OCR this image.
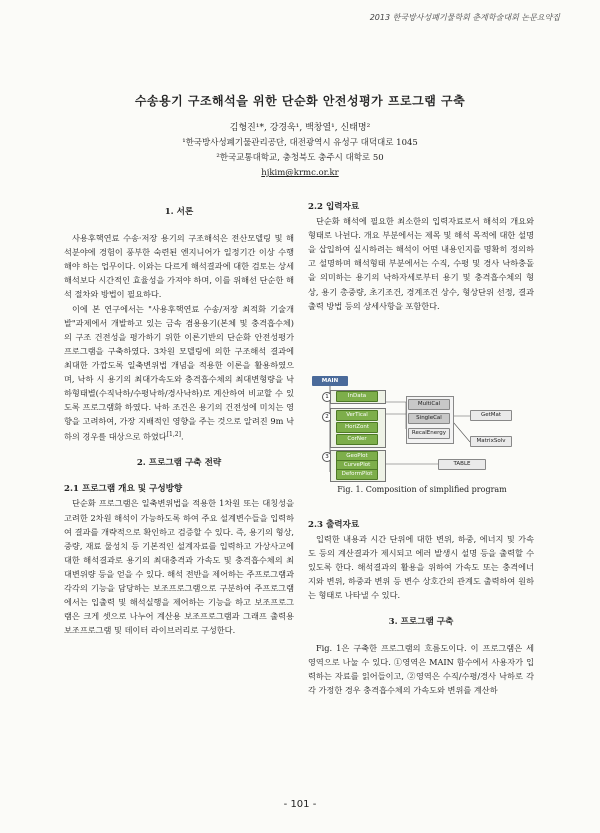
2013 한국방사성폐기물학회 춘계학술대회 논문요약집
수송용기 구조해석을 위한 단순화 안전성평가 프로그램 구축
김형진¹*, 강경욱¹, 백창열¹, 신태명²
¹한국방사성폐기물관리공단, 대전광역시 유성구 대덕대로 1045
²한국교통대학교, 충청북도 충주시 대학로 50
hjkim@krmc.or.kr
1. 서론

사용후핵연료 수송·저장 용기의 구조해석은 전산모델링 및 해석분야에 경험이 풍부한 숙련된 엔지니어가 일정기간 이상 수행해야 하는 업무이다. 이와는 다르게 해석결과에 대한 검토는 상세해석보다 시간적인 효율성을 가져야 하며, 이를 위해선 단순한 해석 절차와 방법이 필요하다.

이에 본 연구에서는 "사용후핵연료 수송/저장 최적화 기술개발"과제에서 개발하고 있는 금속 겸용용기(본체 및 충격흡수체)의 구조 건전성을 평가하기 위한 이론기반의 단순화 안전성평가 프로그램을 구축하였다. 3차원 모델링에 의한 구조해석 결과에 최대한 가깝도록 일축변위법 개념을 적용한 이론을 활용하였으며, 낙하 시 용기의 최대가속도와 충격흡수체의 최대변형량을 낙하형태별(수직낙하/수평낙하/경사낙하)로 계산하여 비교할 수 있도록 프로그램화 하였다. 낙하 조건은 용기의 건전성에 미치는 영향을 고려하여, 가장 지배적인 영향을 주는 것으로 알려진 9m 낙하의 경우를 대상으로 하였다[1,2].

2. 프로그램 구축 전략
2.1 프로그램 개요 및 구성방향

단순화 프로그램은 일축변위법을 적용한 1차원 또는 대칭성을 고려한 2차원 해석이 가능하도록 하여 주요 설계변수들을 입력하여 결과를 개략적으로 확인하고 검증할 수 있다. 즉, 용기의 형상, 중량, 재료 물성치 등 기본적인 설계자료를 입력하고 가상사고에 대한 해석결과로 용기의 최대충격과 가속도 및 충격흡수체의 최대변위량 등을 얻을 수 있다. 해석 전반을 제어하는 주프로그램과 각각의 기능을 담당하는 보조프로그램으로 구분하여 주프로그램에서는 입출력 및 해석실행을 제어하는 기능을 하고 보조프로그램은 크게 셋으로 나누어 계산용 보조프로그램과 그래프 출력용 보조프로그램 및 데이터 라이브러리로 구성한다.

2.2 입력자료

단순화 해석에 필요한 최소한의 입력자료로서 해석의 개요와 형태로 나뉜다. 개요 부분에서는 제목 및 해석 목적에 대한 설명을 삽입하여 실시하려는 해석이 어떤 내용인지를 명확히 정의하고 설명하며 해석형태 부분에서는 수직, 수평 및 경사 낙하충돌을 의미하는 용기의 낙하자세로부터 용기 및 충격흡수체의 형상, 용기 총중량, 초기조건, 경계조건 상수, 형상단위 선정, 결과출력 방법 등의 상세사항을 포함한다.

MAIN
1	InData
2	VerTical
HoriZont
CorNer
3	GeoPlot
CurvePlot
DeformPlot
MultiCal
SingleCal
RecalEnergy
GetMat
MatrixSolv
TABLE
Fig. 1. Composition of simplified program
2.3 출력자료

입력한 내용과 시간 단위에 대한 변위, 하중, 에너지 및 가속도 등의 계산결과가 제시되고 에러 발생시 설명 등을 출력할 수 있도록 한다. 해석결과의 활용을 위하여 가속도 또는 충격에너지와 변위, 하중과 변위 등 변수 상호간의 관계도 출력하여 원하는 형태로 나타낼 수 있다.

3. 프로그램 구축

Fig. 1은 구축한 프로그램의 흐름도이다. 이 프로그램은 세 영역으로 나눌 수 있다. ①영역은 MAIN 함수에서 사용자가 입력하는 자료를 읽어들이고, ②영역은 수직/수평/경사 낙하로 각각 가정한 경우 충격흡수체의 가속도와 변위를 계산하

- 101 -
